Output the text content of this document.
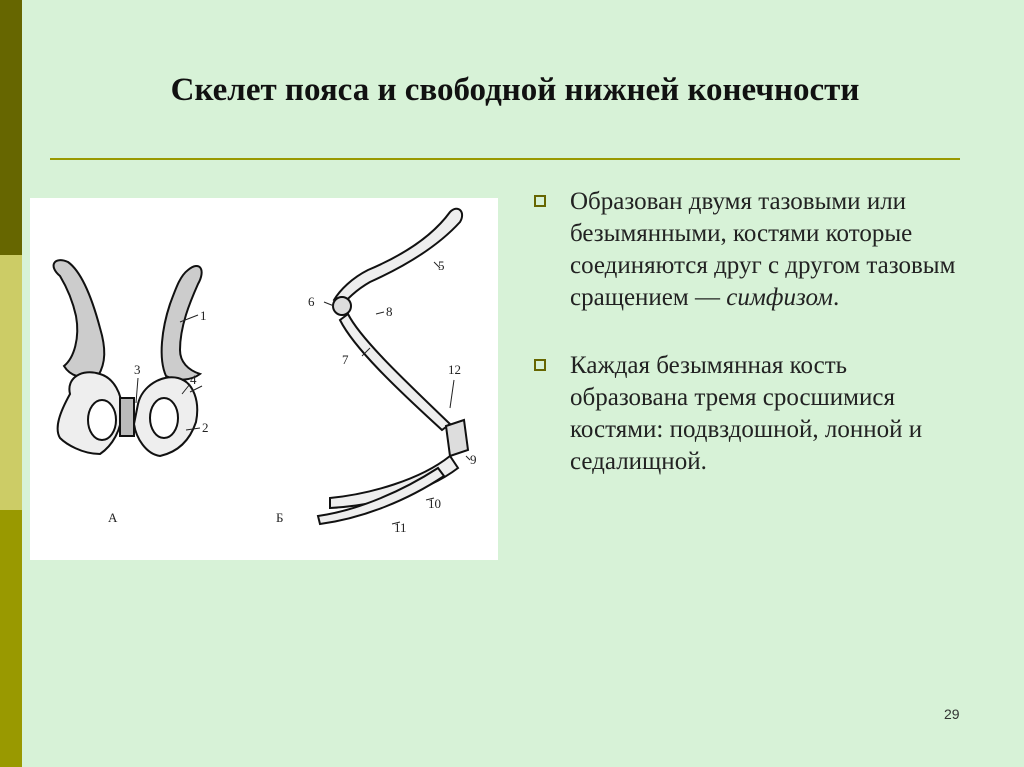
Скелет пояса и свободной нижней конечности
1
2
3
4
А
5
6
7
8
9
10
11
12
Б
Образован двумя тазовыми или безымянными, костями которые соединяются друг с другом тазовым сращением — симфизом.
Каждая безымянная кость образована тремя сросшимися костями: подвздошной, лонной и седалищной.
29
